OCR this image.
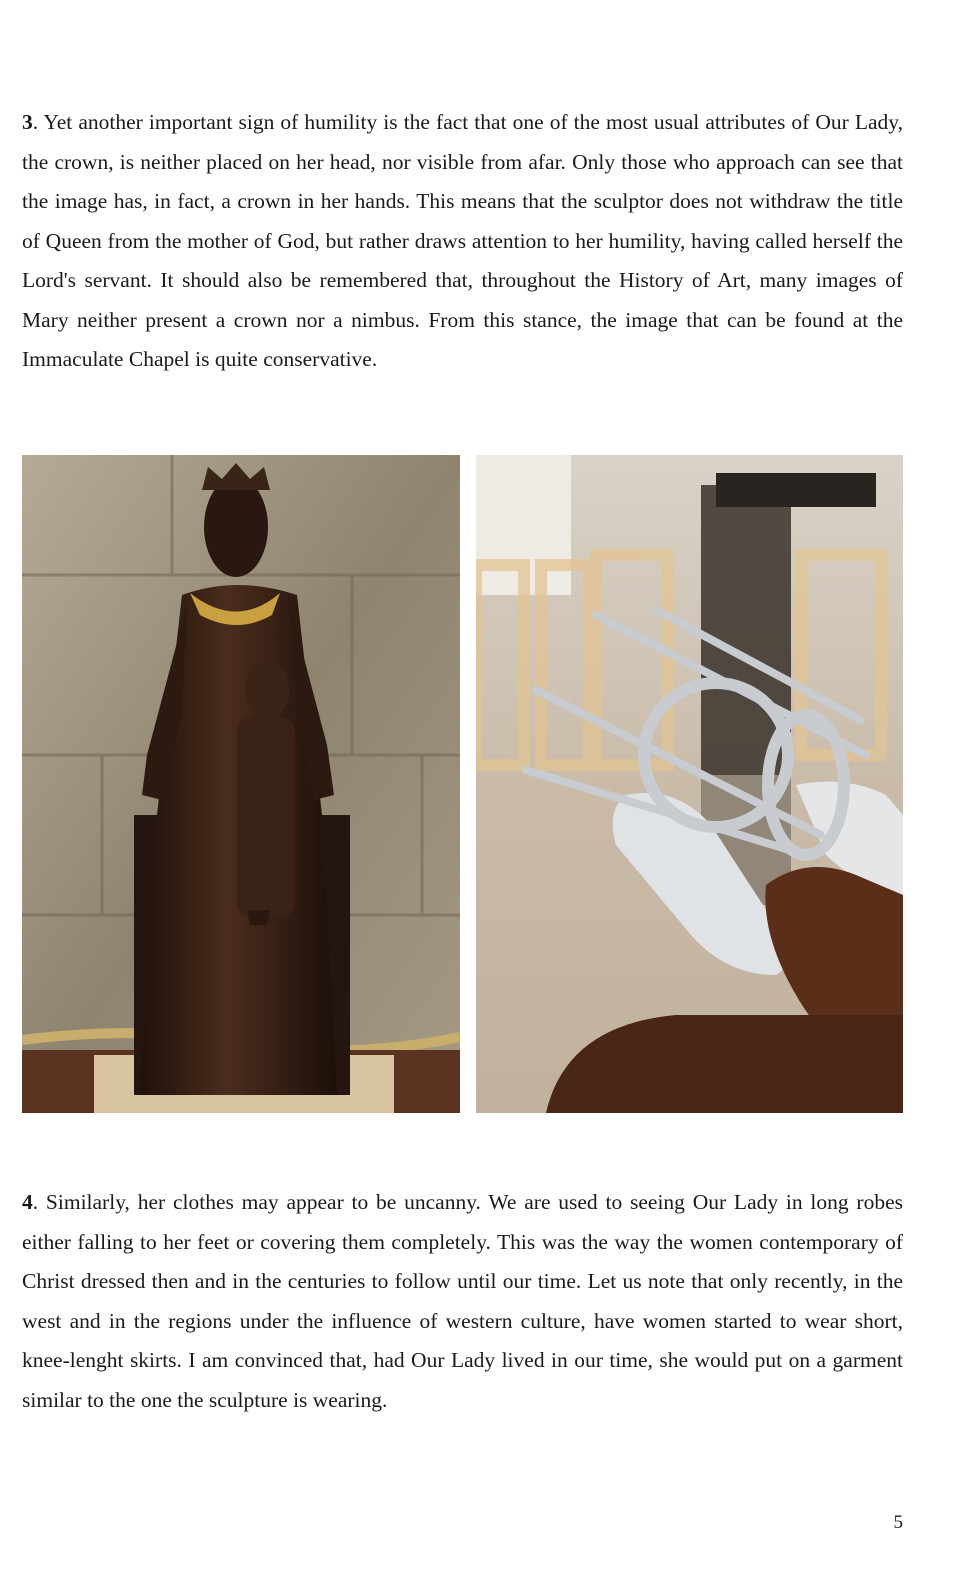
3. Yet another important sign of humility is the fact that one of the most usual attributes of Our Lady, the crown, is neither placed on her head, nor visible from afar. Only those who approach can see that the image has, in fact, a crown in her hands. This means that the sculptor does not withdraw the title of Queen from the mother of God, but rather draws attention to her humility, having called herself the Lord's servant. It should also be remembered that, throughout the History of Art, many images of Mary neither present a crown nor a nimbus. From this stance, the image that can be found at the Immaculate Chapel is quite conservative.

4. Similarly, her clothes may appear to be uncanny. We are used to seeing Our Lady in long robes either falling to her feet or covering them completely. This was the way the women contemporary of Christ dressed then and in the centuries to follow until our time. Let us note that only recently, in the west and in the regions under the influence of western culture, have women started to wear short, knee-lenght skirts. I am convinced that, had Our Lady lived in our time, she would put on a garment similar to the one the sculpture is wearing.

5
